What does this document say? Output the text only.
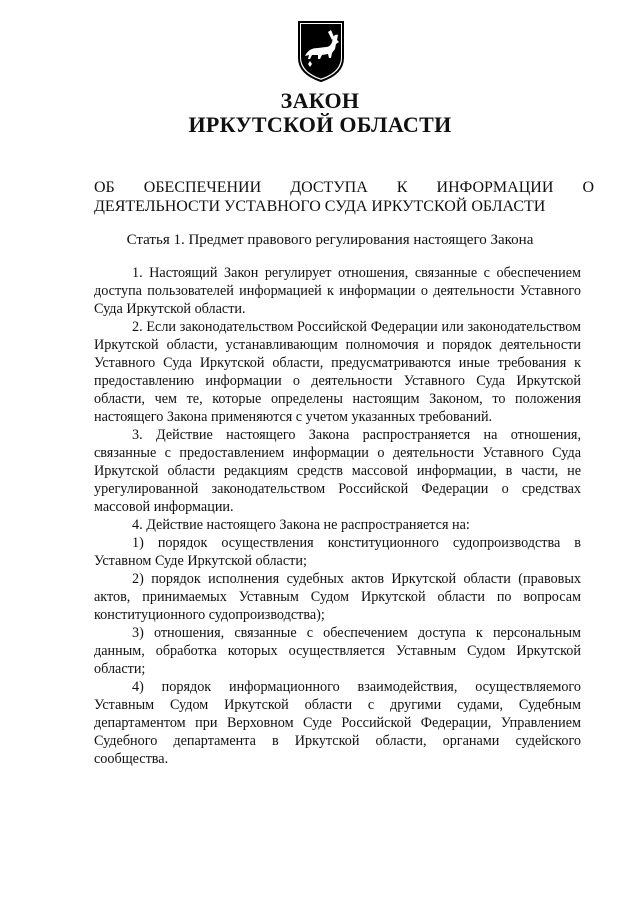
ЗАКОН
ИРКУТСКОЙ ОБЛАСТИ
ОБ ОБЕСПЕЧЕНИИ ДОСТУПА К ИНФОРМАЦИИ О ДЕЯТЕЛЬНОСТИ УСТАВНОГО СУДА ИРКУТСКОЙ ОБЛАСТИ
Статья 1. Предмет правового регулирования настоящего Закона

1. Настоящий Закон регулирует отношения, связанные с обеспечением доступа пользователей информацией к информации о деятельности Уставного Суда Иркутской области.

2. Если законодательством Российской Федерации или законодательством Иркутской области, устанавливающим полномочия и порядок деятельности Уставного Суда Иркутской области, предусматриваются иные требования к предоставлению информации о деятельности Уставного Суда Иркутской области, чем те, которые определены настоящим Законом, то положения настоящего Закона применяются с учетом указанных требований.

3. Действие настоящего Закона распространяется на отношения, связанные с предоставлением информации о деятельности Уставного Суда Иркутской области редакциям средств массовой информации, в части, не урегулированной законодательством Российской Федерации о средствах массовой информации.

4. Действие настоящего Закона не распространяется на:

1) порядок осуществления конституционного судопроизводства в Уставном Суде Иркутской области;

2) порядок исполнения судебных актов Иркутской области (правовых актов, принимаемых Уставным Судом Иркутской области по вопросам конституционного судопроизводства);

3) отношения, связанные с обеспечением доступа к персональным данным, обработка которых осуществляется Уставным Судом Иркутской области;

4) порядок информационного взаимодействия, осуществляемого Уставным Судом Иркутской области с другими судами, Судебным департаментом при Верховном Суде Российской Федерации, Управлением Судебного департамента в Иркутской области, органами судейского сообщества.
